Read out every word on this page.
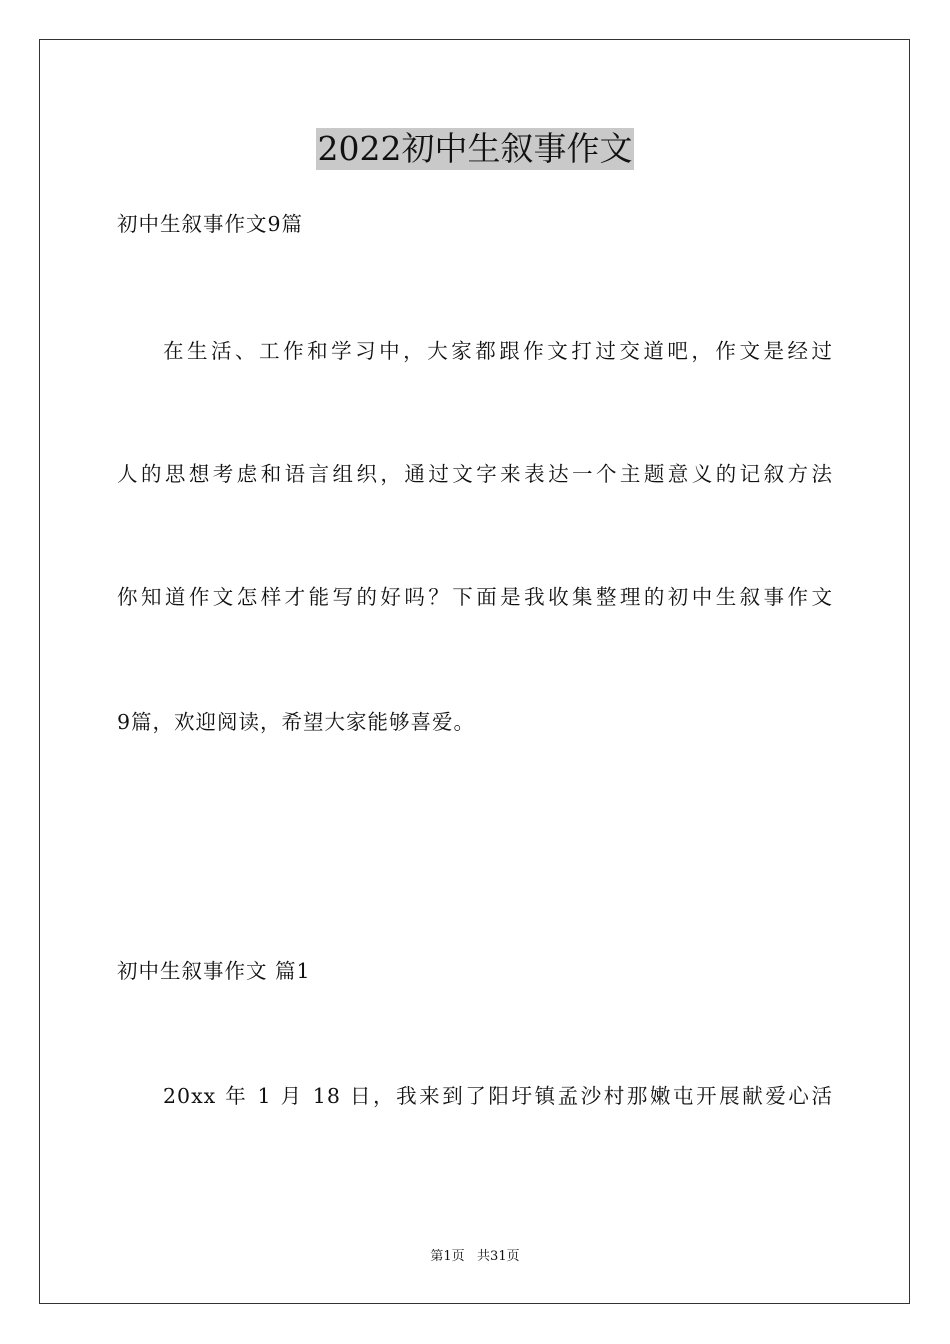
2022初中生叙事作文
初中生叙事作文9篇
在生活、工作和学习中，大家都跟作文打过交道吧，作文是经过
人的思想考虑和语言组织，通过文字来表达一个主题意义的记叙方法
你知道作文怎样才能写的好吗？下面是我收集整理的初中生叙事作文
9篇，欢迎阅读，希望大家能够喜爱。
初中生叙事作文 篇1
20xx 年 1 月 18 日，我来到了阳圩镇孟沙村那嫩屯开展献爱心活
第1页   共31页
